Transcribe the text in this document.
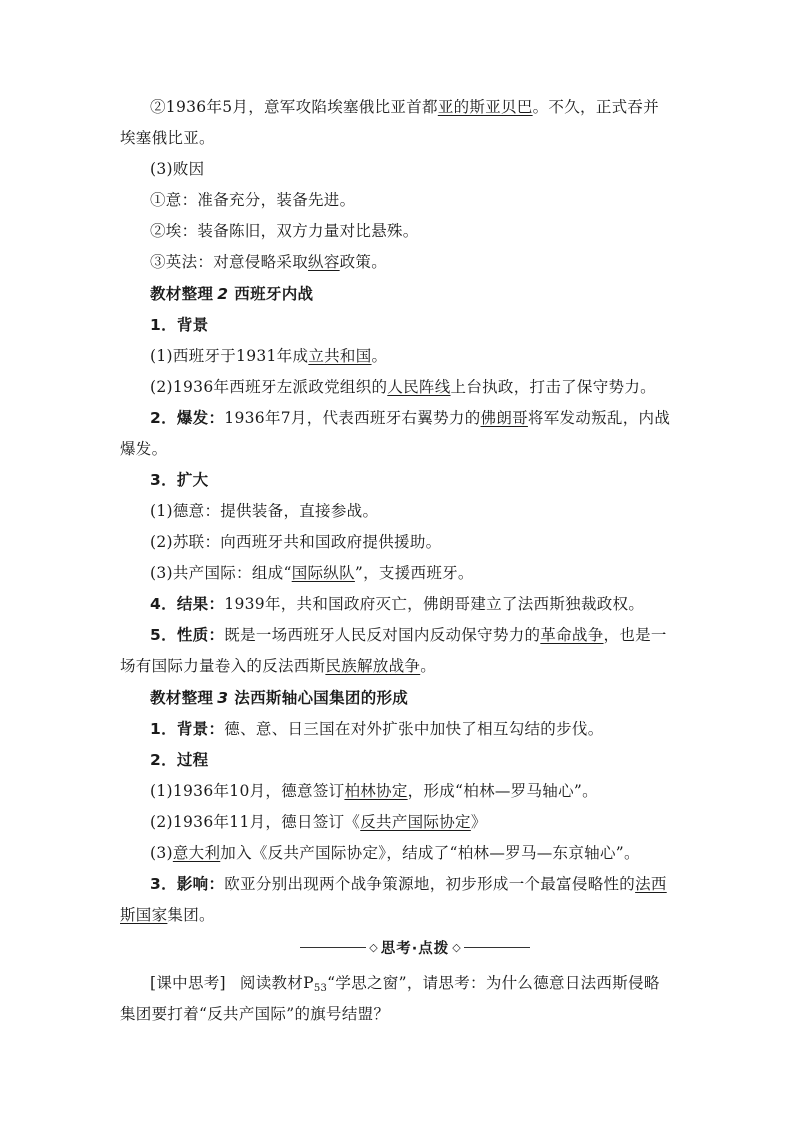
②1936年5月，意军攻陷埃塞俄比亚首都亚的斯亚贝巴。不久，正式吞并
埃塞俄比亚。
(3)败因
①意：准备充分，装备先进。
②埃：装备陈旧，双方力量对比悬殊。
③英法：对意侵略采取纵容政策。
教材整理 2 西班牙内战
1．背景
(1)西班牙于1931年成立共和国。
(2)1936年西班牙左派政党组织的人民阵线上台执政，打击了保守势力。
2．爆发：1936年7月，代表西班牙右翼势力的佛朗哥将军发动叛乱，内战
爆发。
3．扩大
(1)德意：提供装备，直接参战。
(2)苏联：向西班牙共和国政府提供援助。
(3)共产国际：组成“国际纵队”，支援西班牙。
4．结果：1939年，共和国政府灭亡，佛朗哥建立了法西斯独裁政权。
5．性质：既是一场西班牙人民反对国内反动保守势力的革命战争，也是一
场有国际力量卷入的反法西斯民族解放战争。
教材整理 3 法西斯轴心国集团的形成
1．背景：德、意、日三国在对外扩张中加快了相互勾结的步伐。
2．过程
(1)1936年10月，德意签订柏林协定，形成“柏林—罗马轴心”。
(2)1936年11月，德日签订《反共产国际协定》
(3)意大利加入《反共产国际协定》，结成了“柏林—罗马—东京轴心”。
3．影响：欧亚分别出现两个战争策源地，初步形成一个最富侵略性的法西
斯国家集团。
◇ 思考·点拨 ◇
[课中思考] 阅读教材$P_{53}“$学思之窗”，请思考：为什么德意日法西斯侵略
集团要打着“反共产国际”的旗号结盟？
